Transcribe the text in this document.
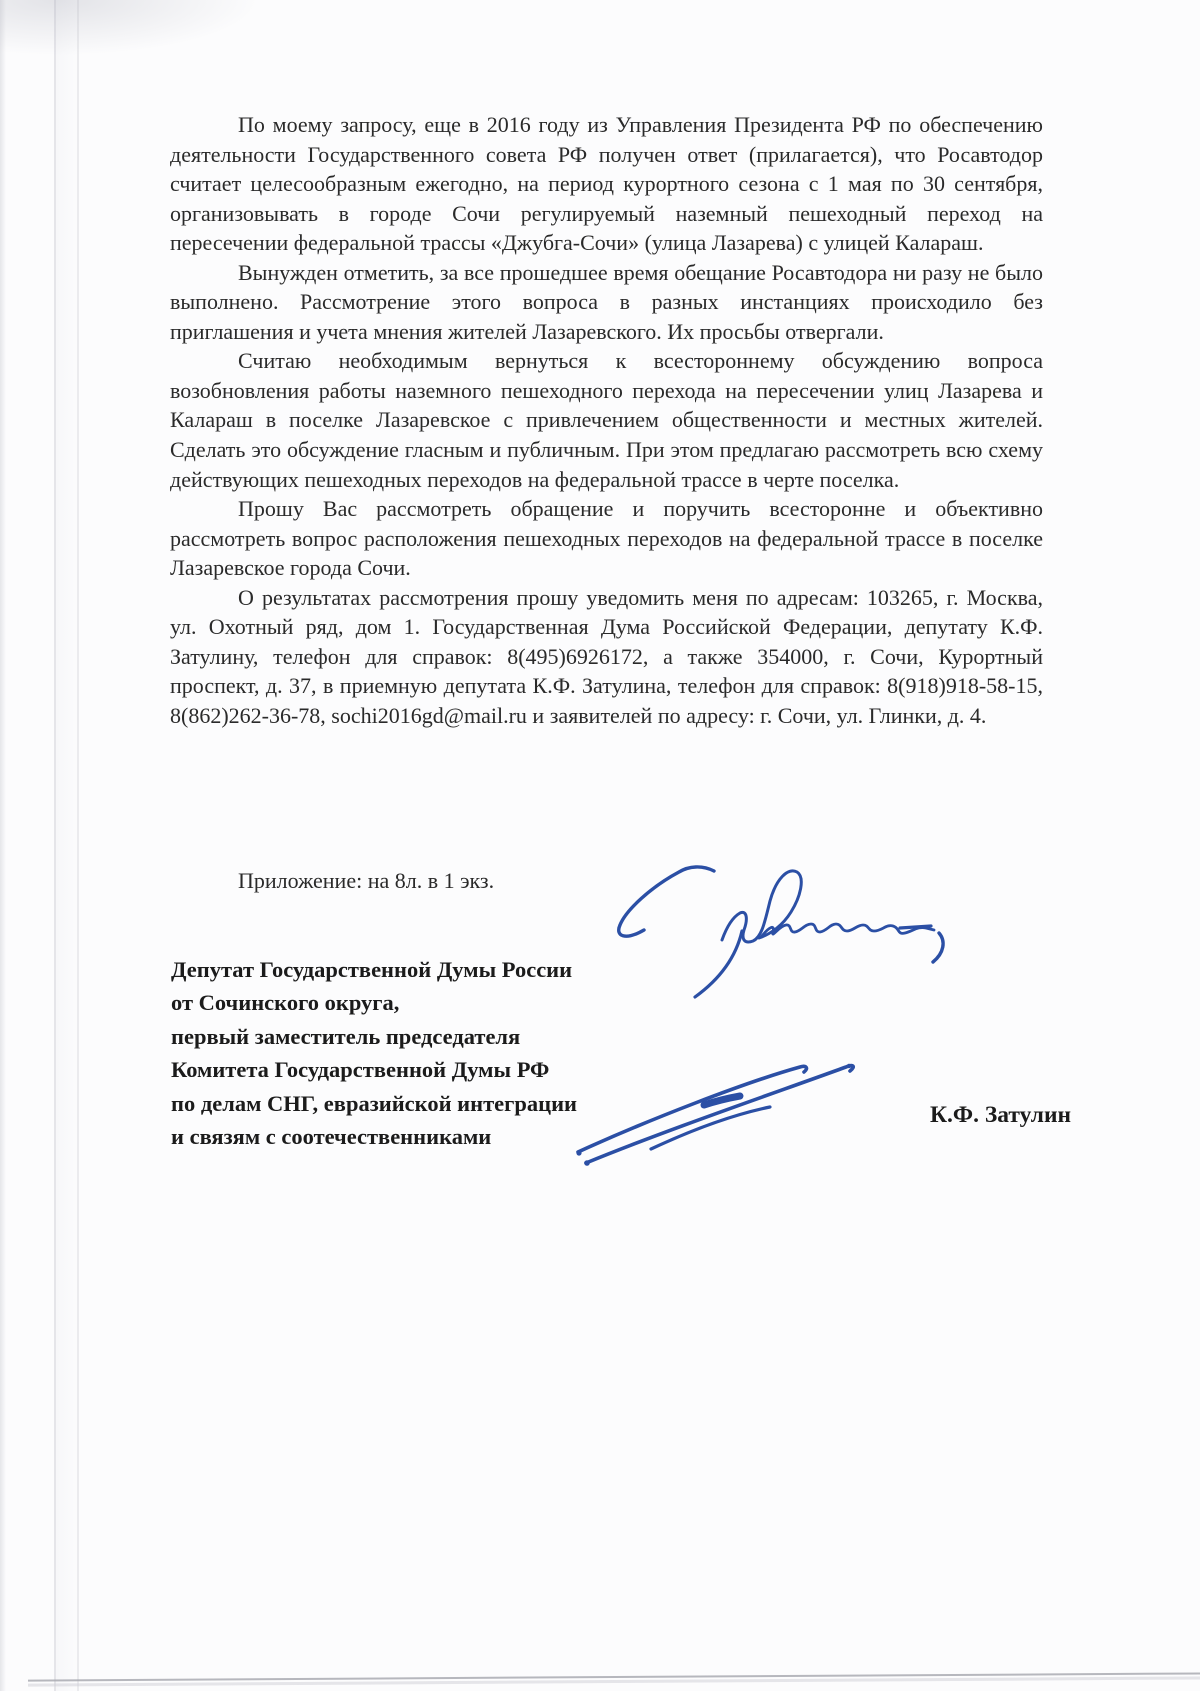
По моему запросу, еще в 2016 году из Управления Президента РФ по обеспечению деятельности Государственного совета РФ получен ответ (прилагается), что Росавтодор считает целесообразным ежегодно, на период курортного сезона с 1 мая по 30 сентября, организовывать в городе Сочи регулируемый наземный пешеходный переход на пересечении федеральной трассы «Джубга-Сочи» (улица Лазарева) с улицей Калараш.

Вынужден отметить, за все прошедшее время обещание Росавтодора ни разу не было выполнено. Рассмотрение этого вопроса в разных инстанциях происходило без приглашения и учета мнения жителей Лазаревского. Их просьбы отвергали.

Считаю необходимым вернуться к всестороннему обсуждению вопроса возобновления работы наземного пешеходного перехода на пересечении улиц Лазарева и Калараш в поселке Лазаревское с привлечением общественности и местных жителей. Сделать это обсуждение гласным и публичным. При этом предлагаю рассмотреть всю схему действующих пешеходных переходов на федеральной трассе в черте поселка.

Прошу Вас рассмотреть обращение и поручить всесторонне и объективно рассмотреть вопрос расположения пешеходных переходов на федеральной трассе в поселке Лазаревское города Сочи.

О результатах рассмотрения прошу уведомить меня по адресам: 103265, г. Москва, ул. Охотный ряд, дом 1. Государственная Дума Российской Федерации, депутату К.Ф. Затулину, телефон для справок: 8(495)6926172, а также 354000, г. Сочи, Курортный проспект, д. 37, в приемную депутата К.Ф. Затулина, телефон для справок: 8(918)918-58-15, 8(862)262-36-78, sochi2016gd@mail.ru и заявителей по адресу: г. Сочи, ул. Глинки, д. 4.

Приложение: на 8л. в 1 экз.
Депутат Государственной Думы России
от Сочинского округа,
первый заместитель председателя
Комитета Государственной Думы РФ
по делам СНГ, евразийской интеграции
и связям с соотечественниками
К.Ф. Затулин
